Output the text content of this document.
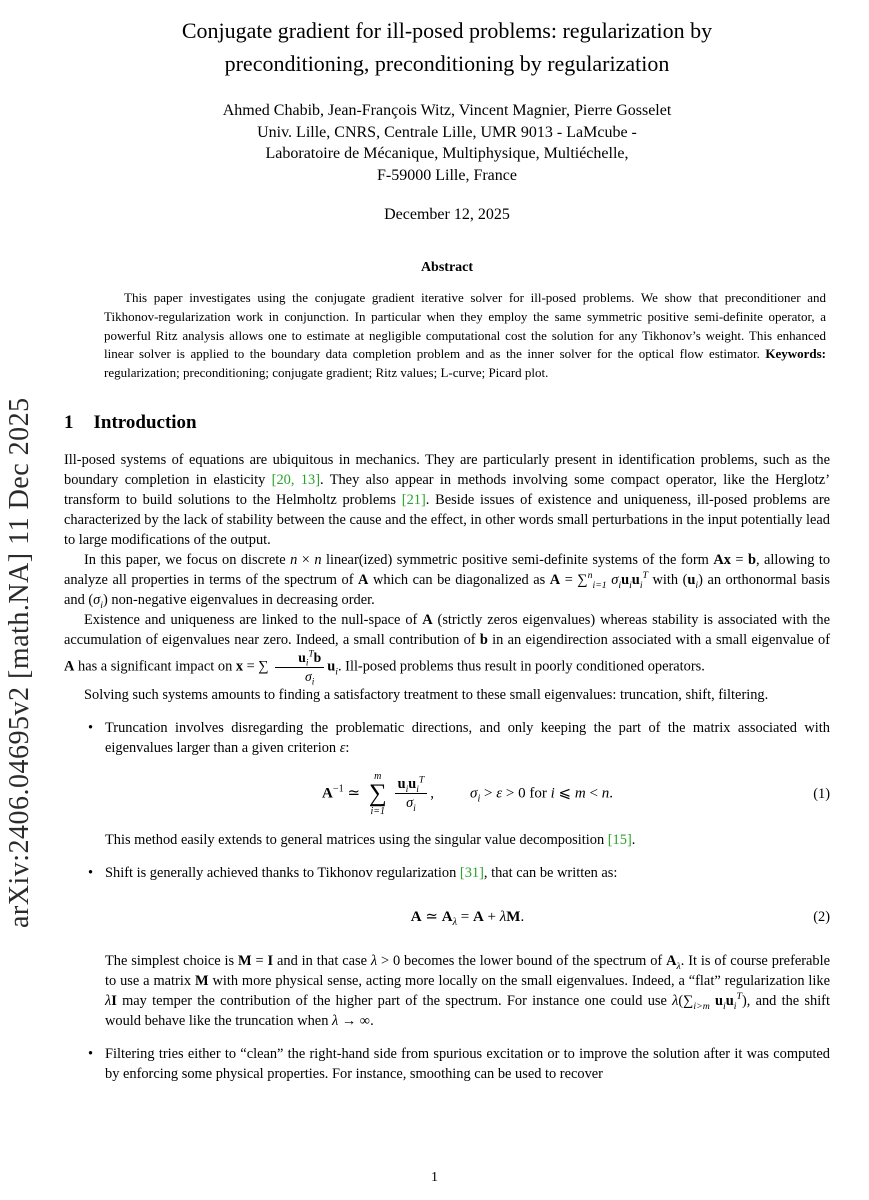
arXiv:2406.04695v2 [math.NA] 11 Dec 2025
Conjugate gradient for ill-posed problems: regularization by preconditioning, preconditioning by regularization
Ahmed Chabib, Jean-François Witz, Vincent Magnier, Pierre Gosselet
Univ. Lille, CNRS, Centrale Lille, UMR 9013 - LaMcube -
Laboratoire de Mécanique, Multiphysique, Multiéchelle,
F-59000 Lille, France
December 12, 2025
Abstract

This paper investigates using the conjugate gradient iterative solver for ill-posed problems. We show that preconditioner and Tikhonov-regularization work in conjunction. In particular when they employ the same symmetric positive semi-definite operator, a powerful Ritz analysis allows one to estimate at negligible computational cost the solution for any Tikhonov’s weight. This enhanced linear solver is applied to the boundary data completion problem and as the inner solver for the optical flow estimator. Keywords: regularization; preconditioning; conjugate gradient; Ritz values; L-curve; Picard plot.

1 Introduction

Ill-posed systems of equations are ubiquitous in mechanics. They are particularly present in identification problems, such as the boundary completion in elasticity [20, 13]. They also appear in methods involving some compact operator, like the Herglotz’ transform to build solutions to the Helmholtz problems [21]. Beside issues of existence and uniqueness, ill-posed problems are characterized by the lack of stability between the cause and the effect, in other words small perturbations in the input potentially lead to large modifications of the output.

In this paper, we focus on discrete n × n linear(ized) symmetric positive semi-definite systems of the form Ax = b, allowing to analyze all properties in terms of the spectrum of A which can be diagonalized as A = ∑$^n_{i=1}$ $\sigma_iu_iu_i^T$ with $(u_i)$ an orthonormal basis and $(\sigma_i)$ non-negative eigenvalues in decreasing order.

Existence and uniqueness are linked to the null-space of A (strictly zeros eigenvalues) whereas stability is associated with the accumulation of eigenvalues near zero. Indeed, a small contribution of b in an eigendirection associated with a small eigenvalue of A has a significant impact on x = ∑ $\frac{u_i^Tb}{\sigma_i} u_i$. Ill-posed problems thus result in poorly conditioned operators.

Solving such systems amounts to finding a satisfactory treatment to these small eigenvalues: truncation, shift, filtering.

• Truncation involves disregarding the problematic directions, and only keeping the part of the matrix associated with eigenvalues larger than a given criterion ε:

$A^{-1}$ ≃
m
∑
$i=1 \frac{u_iu_i^T}{\sigma_i}$ , $\sigma_i > \varepsilon > 0$ for i ⩽ m < n.	(1)

This method easily extends to general matrices using the singular value decomposition [15].

• Shift is generally achieved thanks to Tikhonov regularization [31], that can be written as:

A ≃ $A_\lambda = A + \lambda M$.	(2)

The simplest choice is M = I and in that case λ > 0 becomes the lower bound of the spectrum of $A_\lambda$. It is of course preferable to use a matrix M with more physical sense, acting more locally on the small eigenvalues. Indeed, a “flat” regularization like λI may temper the contribution of the higher part of the spectrum. For instance one could use $\lambda(\sum_{i>m}$ $u_iu_i^T$), and the shift would behave like the truncation when λ → ∞.

• Filtering tries either to “clean” the right-hand side from spurious excitation or to improve the solution after it was computed by enforcing some physical properties. For instance, smoothing can be used to recover

1
